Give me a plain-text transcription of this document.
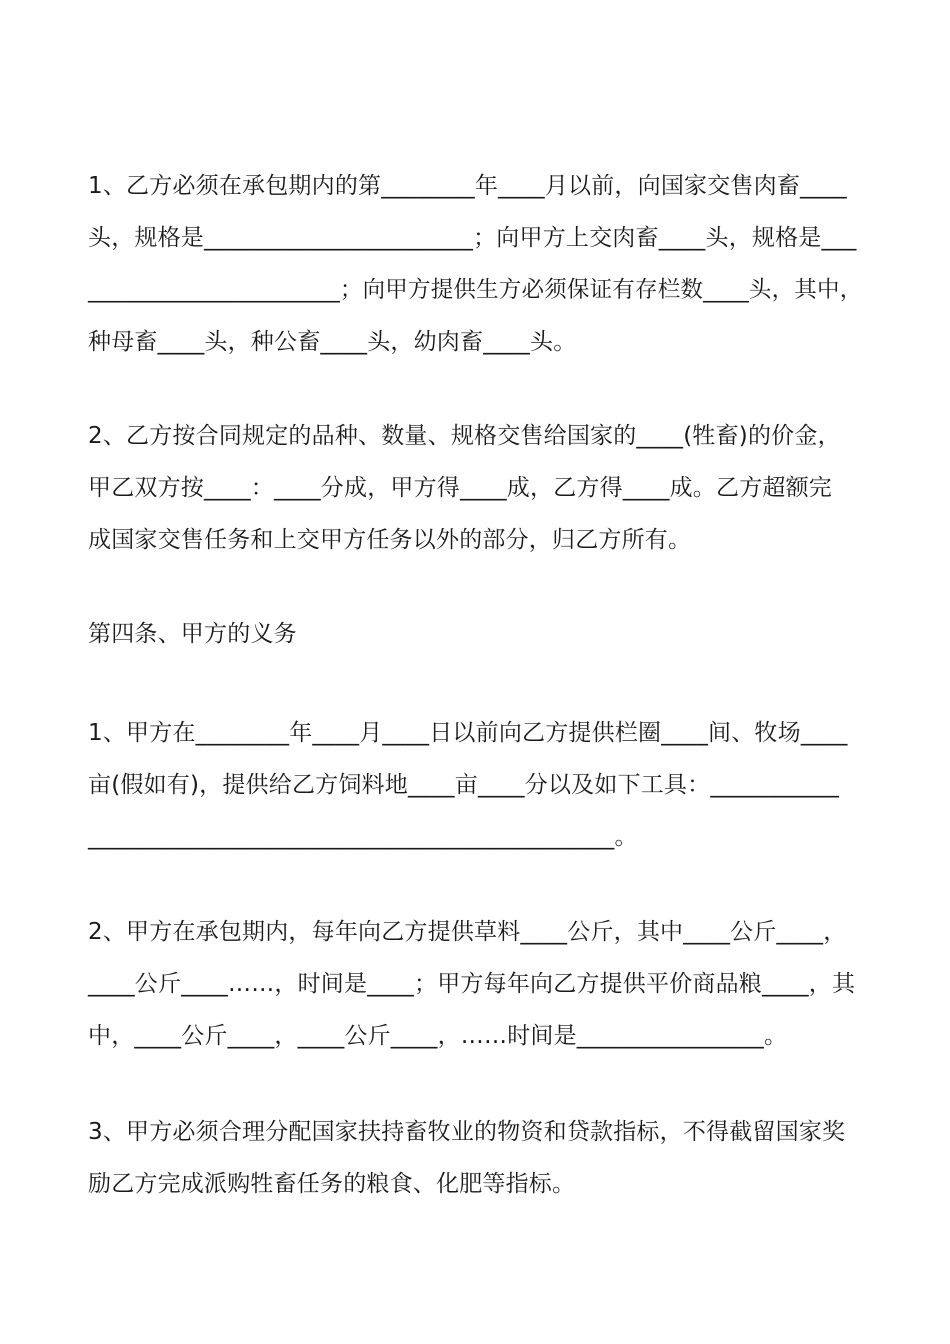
1、乙方必须在承包期内的第________年____月以前，向国家交售肉畜____
头，规格是_______________________；向甲方上交肉畜____头，规格是___
______________________；向甲方提供生方必须保证有存栏数____头，其中，
种母畜____头，种公畜____头，幼肉畜____头。
2、乙方按合同规定的品种、数量、规格交售给国家的____(牲畜)的价金，
甲乙双方按____：____分成，甲方得____成，乙方得____成。乙方超额完
成国家交售任务和上交甲方任务以外的部分，归乙方所有。
第四条、甲方的义务
1、甲方在________年____月____日以前向乙方提供栏圈____间、牧场____
亩(假如有)，提供给乙方饲料地____亩____分以及如下工具：___________
_____________________________________________。
2、甲方在承包期内，每年向乙方提供草料____公斤，其中____公斤____，
____公斤____……，时间是____；甲方每年向乙方提供平价商品粮____，其
中，____公斤____，____公斤____，……时间是________________。
3、甲方必须合理分配国家扶持畜牧业的物资和贷款指标，不得截留国家奖
励乙方完成派购牲畜任务的粮食、化肥等指标。
